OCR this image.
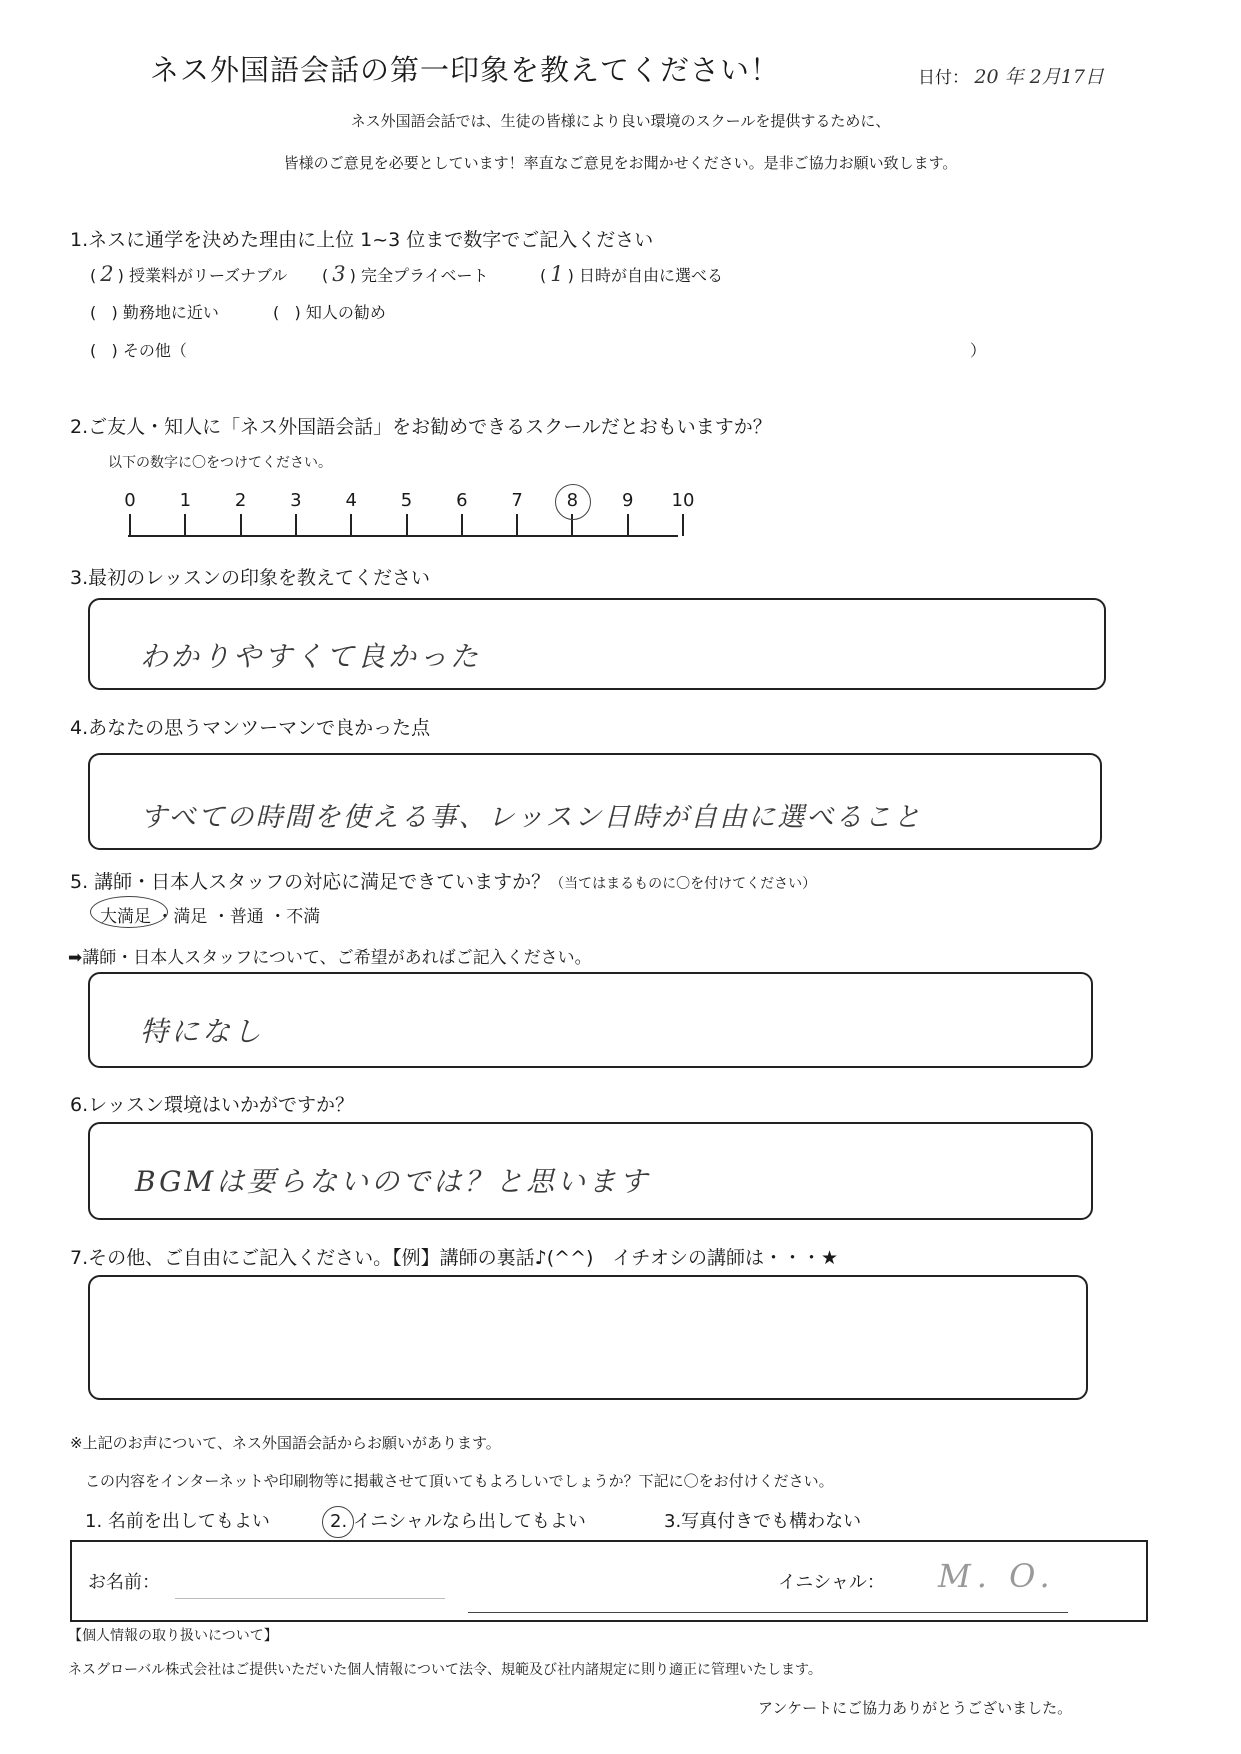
ネス外国語会話の第一印象を教えてください！	日付： 20 年 2月17日
ネス外国語会話では、生徒の皆様により良い環境のスクールを提供するために、
皆様のご意見を必要としています！率直なご意見をお聞かせください。是非ご協力お願い致します。
1.ネスに通学を決めた理由に上位 1~3 位まで数字でご記入ください
( 2 ) 授業料がリーズナブル ( 3 ) 完全プライベート	( 1 ) 日時が自由に選べる
(   ) 勤務地に近い	(   ) 知人の勧め
(   ) その他（	）
2.ご友人・知人に「ネス外国語会話」をお勧めできるスクールだとおもいますか？
以下の数字に〇をつけてください。
0	1	2	3	4	5	6	7	8	9	10
3.最初のレッスンの印象を教えてください
わかりやすくて良かった
4.あなたの思うマンツーマンで良かった点
すべての時間を使える事、レッスン日時が自由に選べること
5. 講師・日本人スタッフの対応に満足できていますか？（当てはまるものに〇を付けてください）
大満足 ・満足 ・普通 ・不満
➡講師・日本人スタッフについて、ご希望があればご記入ください。
特になし
6.レッスン環境はいかがですか？
BGMは要らないのでは？と思います
7.その他、ご自由にご記入ください。【例】講師の裏話♪(^^)　イチオシの講師は・・・★
※上記のお声について、ネス外国語会話からお願いがあります。
この内容をインターネットや印刷物等に掲載させて頂いてもよろしいでしょうか？下記に〇をお付けください。
1. 名前を出してもよい	2. イニシャルなら出してもよい	3.写真付きでも構わない
お名前：	イニシャル： M. O.
【個人情報の取り扱いについて】
ネスグローバル株式会社はご提供いただいた個人情報について法令、規範及び社内諸規定に則り適正に管理いたします。
アンケートにご協力ありがとうございました。
